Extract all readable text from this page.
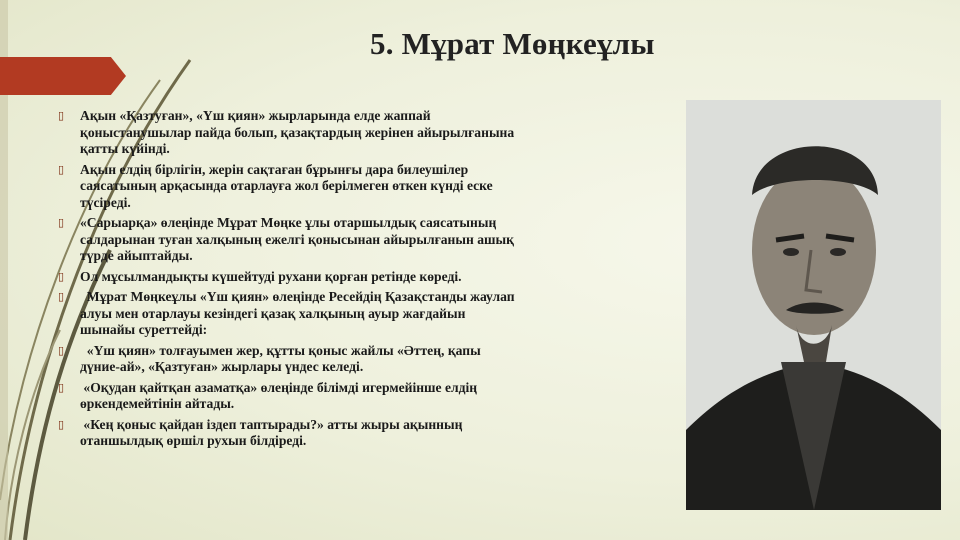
5. Мұрат Мөңкеұлы
▯ Ақын «Қазтуған», «Үш қиян» жырларында елде жаппай
қоныстанушылар пайда болып, қазақтардың жерінен айырылғанына
қатты күйінді.
▯ Ақын елдің бірлігін, жерін сақтаған бұрынғы дара билеушілер
саясатының арқасында отарлауға жол берілмеген өткен күнді еске
түсіреді.
▯ «Сарыарқа» өлеңінде Мұрат Мөңке ұлы отаршылдық саясатының
салдарынан туған халқының ежелгі қонысынан айырылғанын ашық
түрде айыптайды.
▯ Ол мұсылмандықты күшейтуді рухани қорған ретінде көреді.
▯ Мұрат Мөңкеұлы «Үш қиян» өлеңінде Ресейдің Қазақстанды жаулап
алуы мен отарлауы кезіндегі қазақ халқының ауыр жағдайын
шынайы суреттейді:
▯ «Үш қиян» толғауымен жер, құтты қоныс жайлы «Әттең, қапы
дүние-ай», «Қазтуған» жырлары үндес келеді.
▯ «Оқудан қайтқан азаматқа» өлеңінде білімді игермейінше елдің
өркендемейтінін айтады.
▯ «Кең қоныс қайдан іздеп таптырады?» атты жыры ақынның
отаншылдық өршіл рухын білдіреді.
